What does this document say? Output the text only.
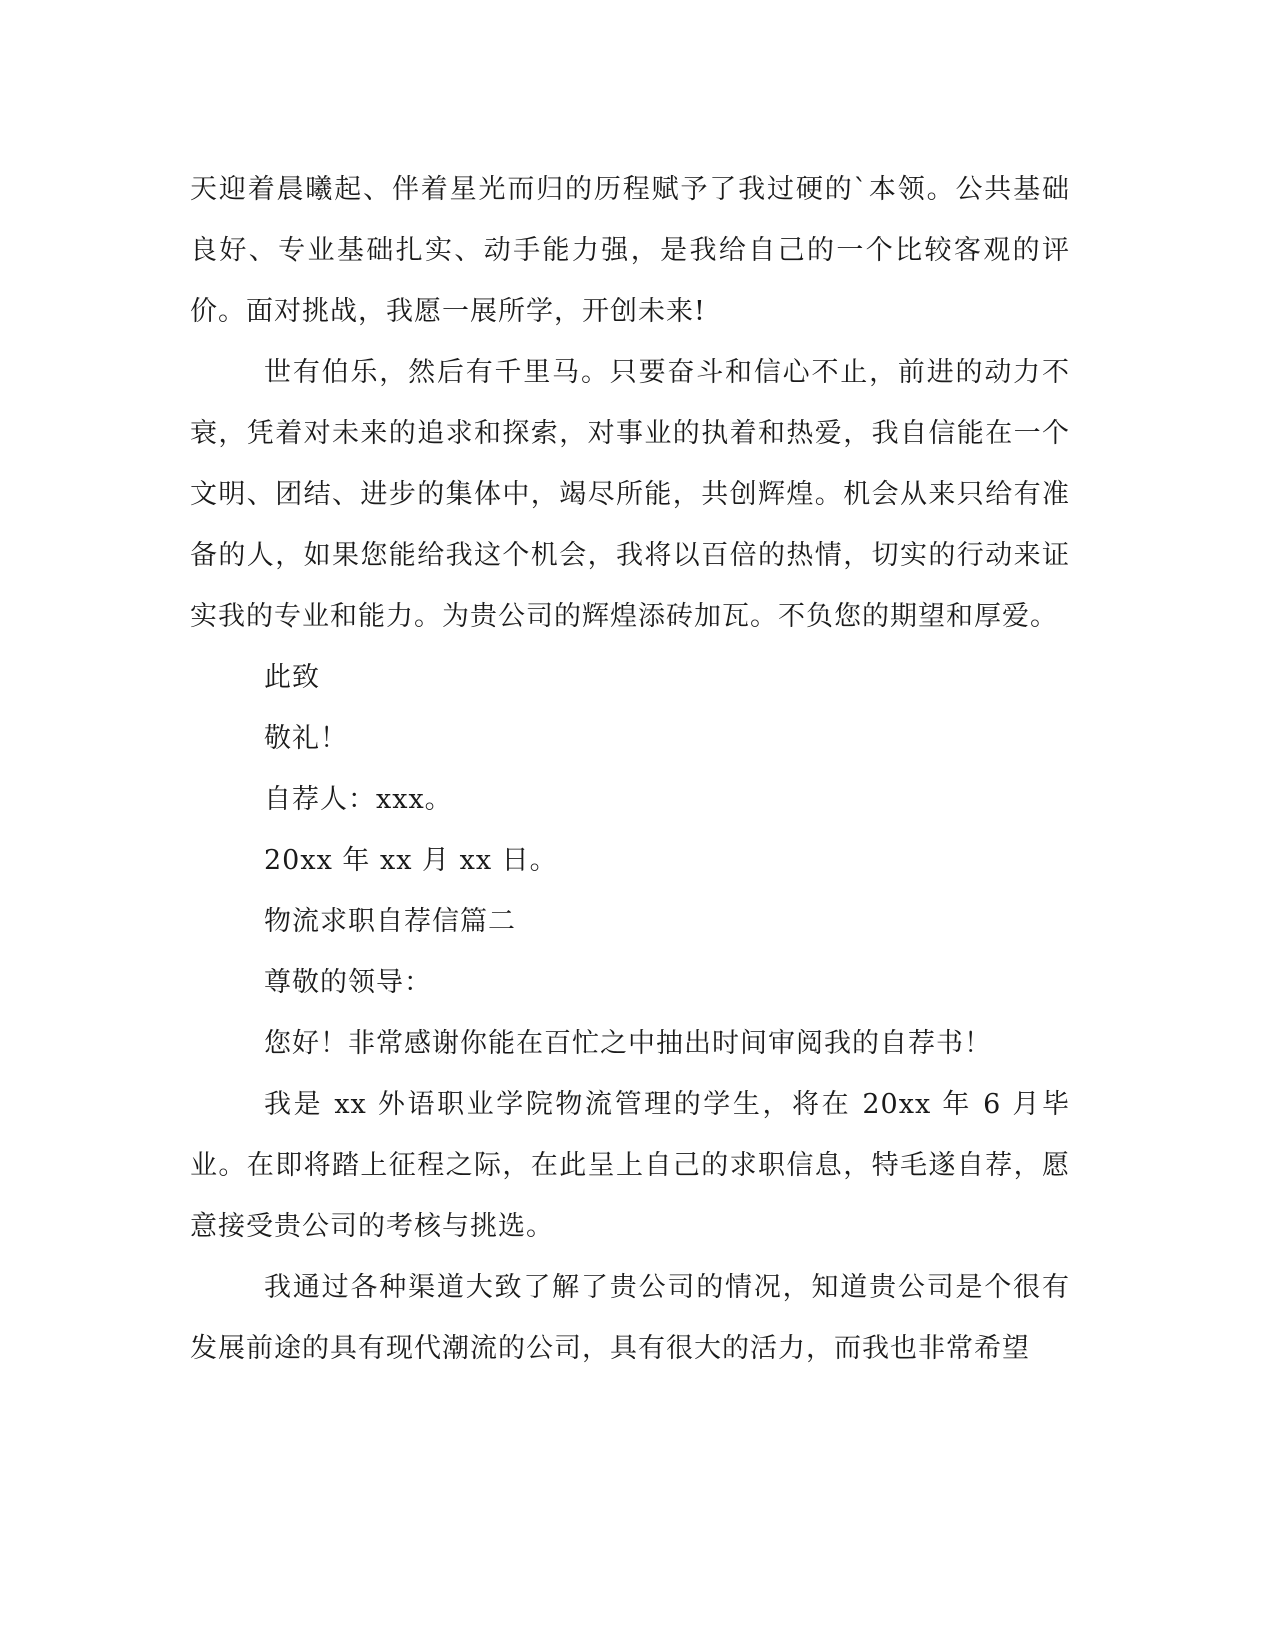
天迎着晨曦起、伴着星光而归的历程赋予了我过硬的`本领。公共基础良好、专业基础扎实、动手能力强，是我给自己的一个比较客观的评价。面对挑战，我愿一展所学，开创未来!

世有伯乐，然后有千里马。只要奋斗和信心不止，前进的动力不衰，凭着对未来的追求和探索，对事业的执着和热爱，我自信能在一个文明、团结、进步的集体中，竭尽所能，共创辉煌。机会从来只给有准备的人，如果您能给我这个机会，我将以百倍的热情，切实的行动来证实我的专业和能力。为贵公司的辉煌添砖加瓦。不负您的期望和厚爱。

此致

敬礼！

自荐人：xxx。

20xx 年 xx 月 xx 日。

物流求职自荐信篇二

尊敬的领导：

您好！非常感谢你能在百忙之中抽出时间审阅我的自荐书！

我是 xx 外语职业学院物流管理的学生，将在 20xx 年 6 月毕业。在即将踏上征程之际，在此呈上自己的求职信息，特毛遂自荐，愿意接受贵公司的考核与挑选。

我通过各种渠道大致了解了贵公司的情况，知道贵公司是个很有发展前途的具有现代潮流的公司，具有很大的活力，而我也非常希望
